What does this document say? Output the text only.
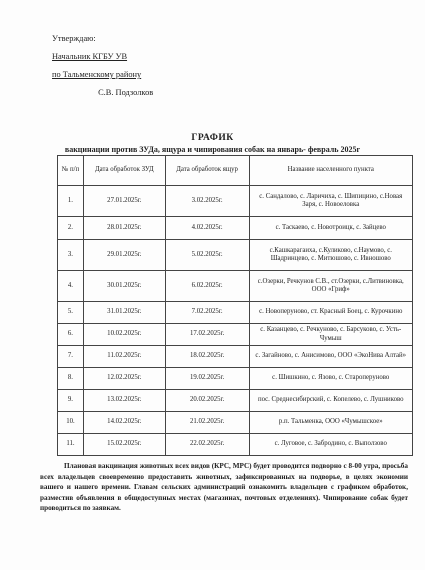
Утверждаю:
Начальник КГБУ УВ
по Тальменскому району
С.В. Подзолков
ГРАФИК
вакцинации против ЗУДа, ящура и чипирования собак на январь- февраль 2025г
№ п/п	Дата обработок ЗУД	Дата обработок ящур	Название населенного пункта
1.	27.01.2025г.	3.02.2025г.	с. Сандалово, с. Ларичиха, с. Шипицино, с.Новая Заря, с. Новоеловка
2.	28.01.2025г.	4.02.2025г.	с. Таскаево, с. Новотроицк, с. Зайцево
3.	29.01.2025г.	5.02.2025г.	с.Кашкарагаиха, с.Куликово, с.Наумово, с. Шадринцево, с. Митюшово, с. Ивношово
4.	30.01.2025г.	6.02.2025г.	с.Озерки, Речкунов С.В., ст.Озерки, с.Литвиновка, ООО «Гриф»
5.	31.01.2025г.	7.02.2025г.	с. Новоперуново, ст. Красный Боец, с. Курочкино
6.	10.02.2025г.	17.02.2025г.	с. Казанцево, с. Речкуново, с. Барсуково, с. Усть-Чумыш
7.	11.02.2025г.	18.02.2025г.	с. Загайново, с. Анисимово, ООО «ЭкоНива Алтай»
8.	12.02.2025г.	19.02.2025г.	с. Шишкино, с. Язово, с. Староперуново
9.	13.02.2025г.	20.02.2025г.	пос. Среднесибирский, с. Копелево, с. Лушниково
10.	14.02.2025г.	21.02.2025г.	р.п. Тальменка, ООО «Чумышское»
11.	15.02.2025г.	22.02.2025г.	с. Луговое, с. Забродино, с. Выползово
Плановая вакцинация животных всех видов (КРС, МРС) будет проводится подворно с 8-00 утра, просьба всех владельцев своевременно предоставить животных, зафиксированных на подворье, в целях экономии вашего и нашего времени. Главам сельских администраций ознакомить владельцев с графиком обработок, разместив объявления в общедоступных местах (магазинах, почтовых отделениях). Чипирование собак будет проводиться по заявкам.
